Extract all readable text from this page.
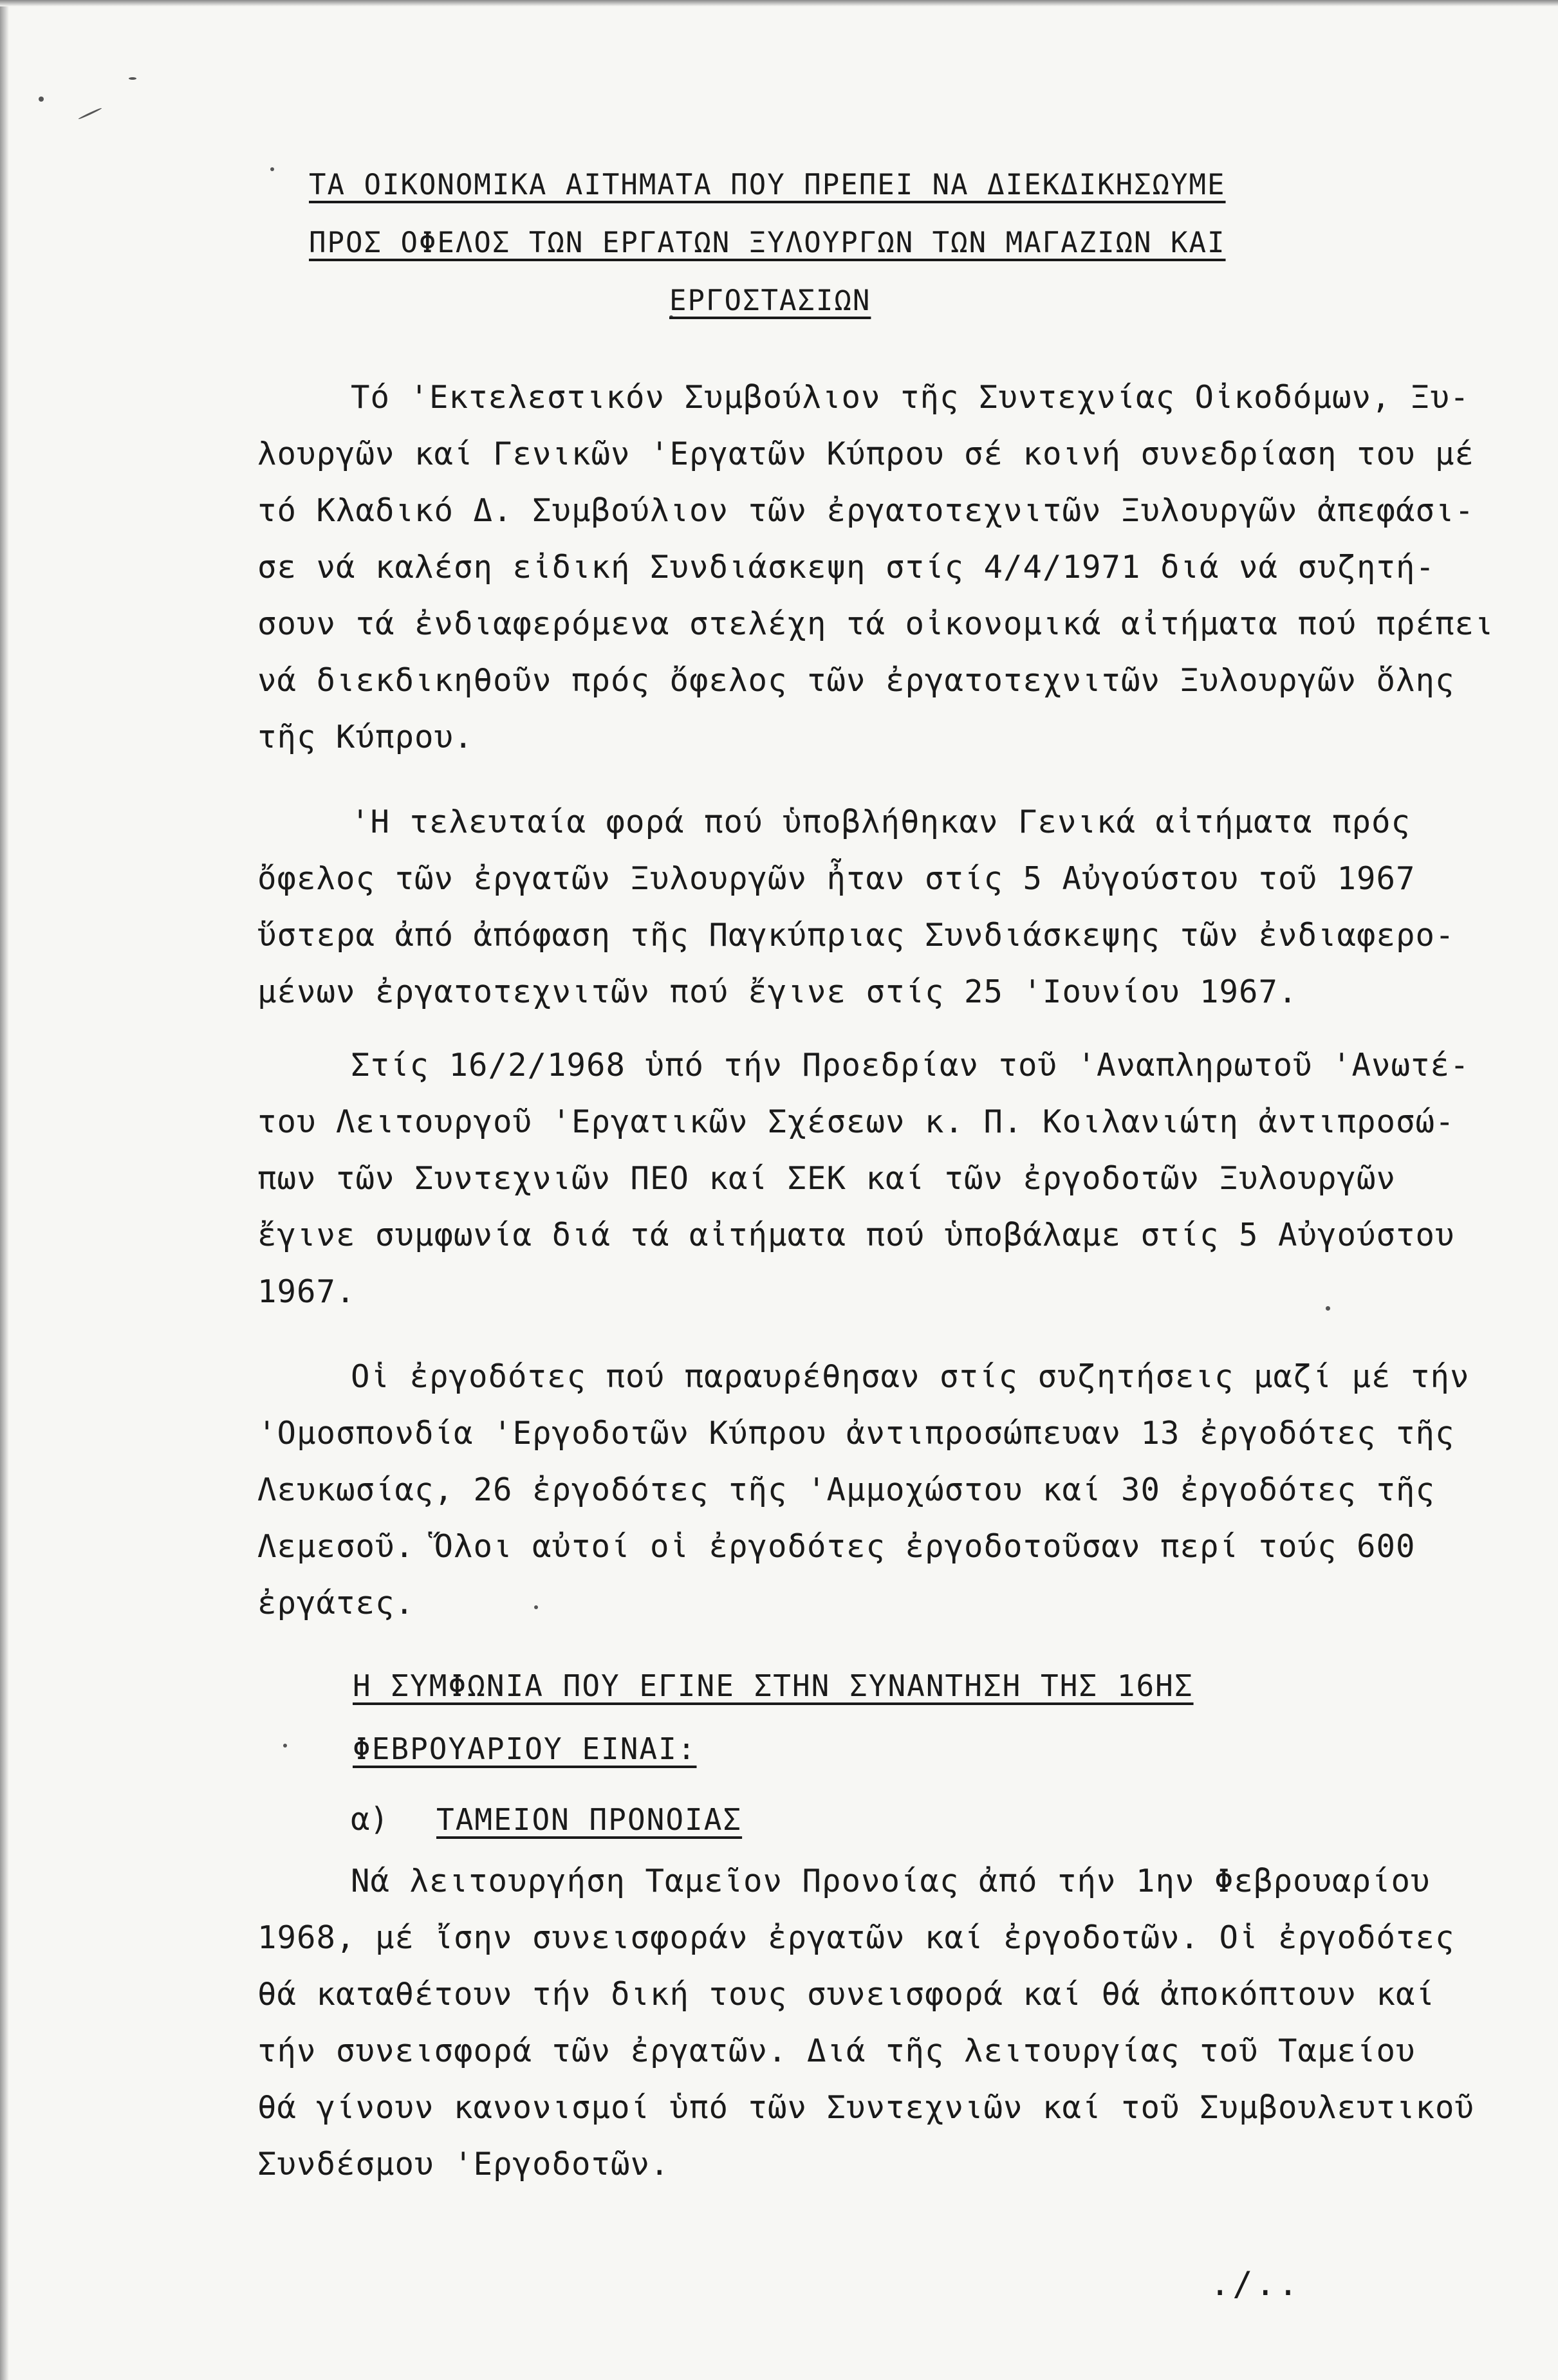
ΤΑ ΟΙΚΟΝΟΜΙΚΑ ΑΙΤΗΜΑΤΑ ΠΟΥ ΠΡΕΠΕΙ ΝΑ ΔΙΕΚΔΙΚΗΣΩΥΜΕ
ΠΡΟΣ ΟΦΕΛΟΣ ΤΩΝ ΕΡΓΑΤΩΝ ΞΥΛΟΥΡΓΩΝ ΤΩΝ ΜΑΓΑΖΙΩΝ ΚΑΙ
ΕΡΓΟΣΤΑΣΙΩΝ
Τό 'Εκτελεστικόν Συμβούλιον τῆς Συντεχνίας Οἰκοδόμων, Ξυ-
λουργῶν καί Γενικῶν 'Εργατῶν Κύπρου σέ κοινή συνεδρίαση του μέ
τό Κλαδικό Δ. Συμβούλιον τῶν ἐργατοτεχνιτῶν Ξυλουργῶν ἀπεφάσι-
σε νά καλέση εἰδική Συνδιάσκεψη στίς 4/4/1971 διά νά συζητή-
σουν τά ἐνδιαφερόμενα στελέχη τά οἰκονομικά αἰτήματα πού πρέπει
νά διεκδικηθοῦν πρός ὄφελος τῶν ἐργατοτεχνιτῶν Ξυλουργῶν ὅλης
τῆς Κύπρου.
'Η τελευταία φορά πού ὑποβλήθηκαν Γενικά αἰτήματα πρός
ὄφελος τῶν ἐργατῶν Ξυλουργῶν ἦταν στίς 5 Αὐγούστου τοῦ 1967
ὕστερα ἀπό ἀπόφαση τῆς Παγκύπριας Συνδιάσκεψης τῶν ἐνδιαφερο-
μένων ἐργατοτεχνιτῶν πού ἔγινε στίς 25 'Ιουνίου 1967.
Στίς 16/2/1968 ὑπό τήν Προεδρίαν τοῦ 'Αναπληρωτοῦ 'Ανωτέ-
του Λειτουργοῦ 'Εργατικῶν Σχέσεων κ. Π. Κοιλανιώτη ἀντιπροσώ-
πων τῶν Συντεχνιῶν ΠΕΟ καί ΣΕΚ καί τῶν ἐργοδοτῶν Ξυλουργῶν
ἔγινε συμφωνία διά τά αἰτήματα πού ὑποβάλαμε στίς 5 Αὐγούστου
1967.
Οἱ ἐργοδότες πού παραυρέθησαν στίς συζητήσεις μαζί μέ τήν
'Ομοσπονδία 'Εργοδοτῶν Κύπρου ἀντιπροσώπευαν 13 ἐργοδότες τῆς
Λευκωσίας, 26 ἐργοδότες τῆς 'Αμμοχώστου καί 30 ἐργοδότες τῆς
Λεμεσοῦ. Ὅλοι αὐτοί οἱ ἐργοδότες ἐργοδοτοῦσαν περί τούς 600
ἐργάτες.
Η ΣΥΜΦΩΝΙΑ ΠΟΥ ΕΓΙΝΕ ΣΤΗΝ ΣΥΝΑΝΤΗΣΗ ΤΗΣ 16ΗΣ
ΦΕΒΡΟΥΑΡΙΟΥ ΕΙΝΑΙ:
α) ΤΑΜΕΙΟΝ ΠΡΟΝΟΙΑΣ
Νά λειτουργήση Ταμεῖον Προνοίας ἀπό τήν 1ην Φεβρουαρίου
1968, μέ ἴσην συνεισφοράν ἐργατῶν καί ἐργοδοτῶν. Οἱ ἐργοδότες
θά καταθέτουν τήν δική τους συνεισφορά καί θά ἀποκόπτουν καί
τήν συνεισφορά τῶν ἐργατῶν. Διά τῆς λειτουργίας τοῦ Ταμείου
θά γίνουν κανονισμοί ὑπό τῶν Συντεχνιῶν καί τοῦ Συμβουλευτικοῦ
Συνδέσμου 'Εργοδοτῶν.
./..
